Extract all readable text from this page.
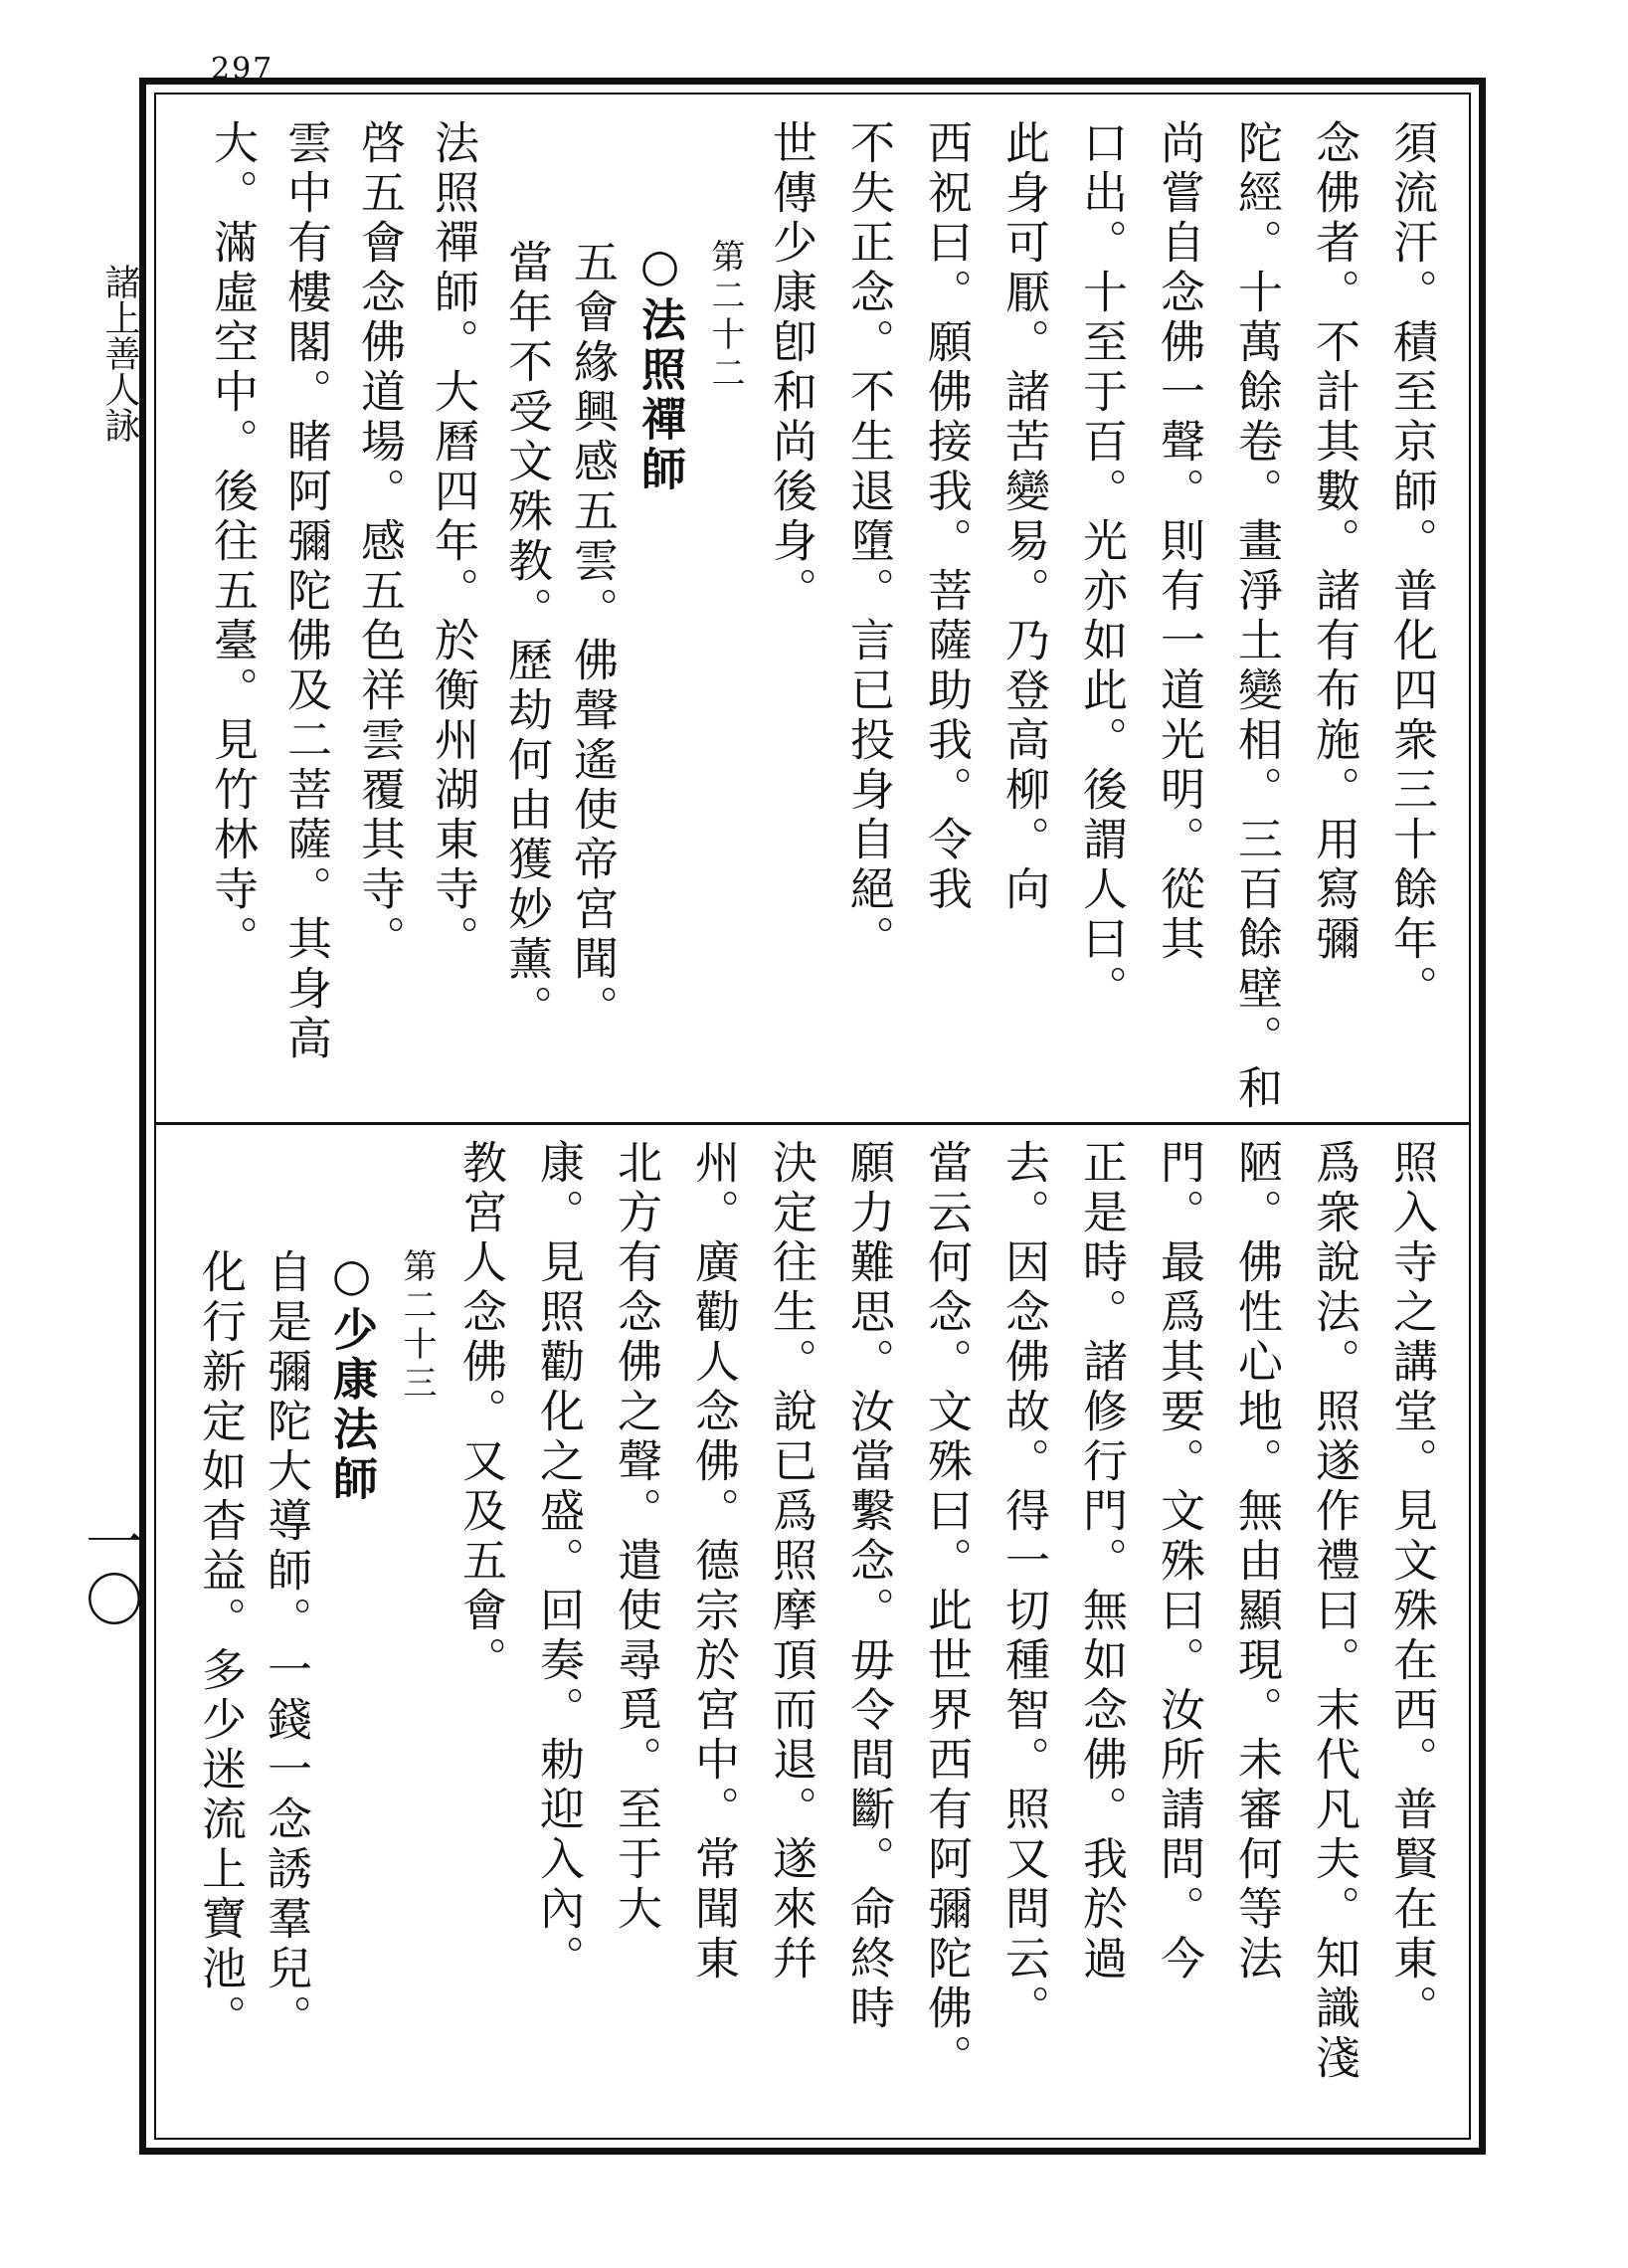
297
諸上善人詠
一〇
須流汗。積至京師。普化四衆三十餘年。
念佛者。不計其數。諸有布施。用寫彌
陀經。十萬餘卷。畫淨土變相。三百餘壁。和
尚嘗自念佛一聲。則有一道光明。從其
口出。十至于百。光亦如此。後謂人曰。
此身可厭。諸苦變易。乃登高柳。向
西祝曰。願佛接我。菩薩助我。令我
不失正念。不生退墮。言已投身自絕。
世傳少康卽和尚後身。
第二十二
○法照禪師
五會緣興感五雲。佛聲遙使帝宮聞。
當年不受文殊教。歷劫何由獲妙薰。
法照禪師。大曆四年。於衡州湖東寺。
啓五會念佛道場。感五色祥雲覆其寺。
雲中有樓閣。睹阿彌陀佛及二菩薩。其身高
大。滿虛空中。後往五臺。見竹林寺。
照入寺之講堂。見文殊在西。普賢在東。
爲衆說法。照遂作禮曰。末代凡夫。知識淺
陋。佛性心地。無由顯現。未審何等法
門。最爲其要。文殊曰。汝所請問。今
正是時。諸修行門。無如念佛。我於過
去。因念佛故。得一切種智。照又問云。
當云何念。文殊曰。此世界西有阿彌陀佛。
願力難思。汝當繫念。毋令間斷。命終時
決定往生。說已爲照摩頂而退。遂來幷
州。廣勸人念佛。德宗於宮中。常聞東
北方有念佛之聲。遣使尋覓。至于大
康。見照勸化之盛。回奏。勅迎入內。
教宮人念佛。又及五會。
第二十三
○少康法師
自是彌陀大導師。一錢一念誘羣兒。
化行新定如杳益。多少迷流上寶池。
